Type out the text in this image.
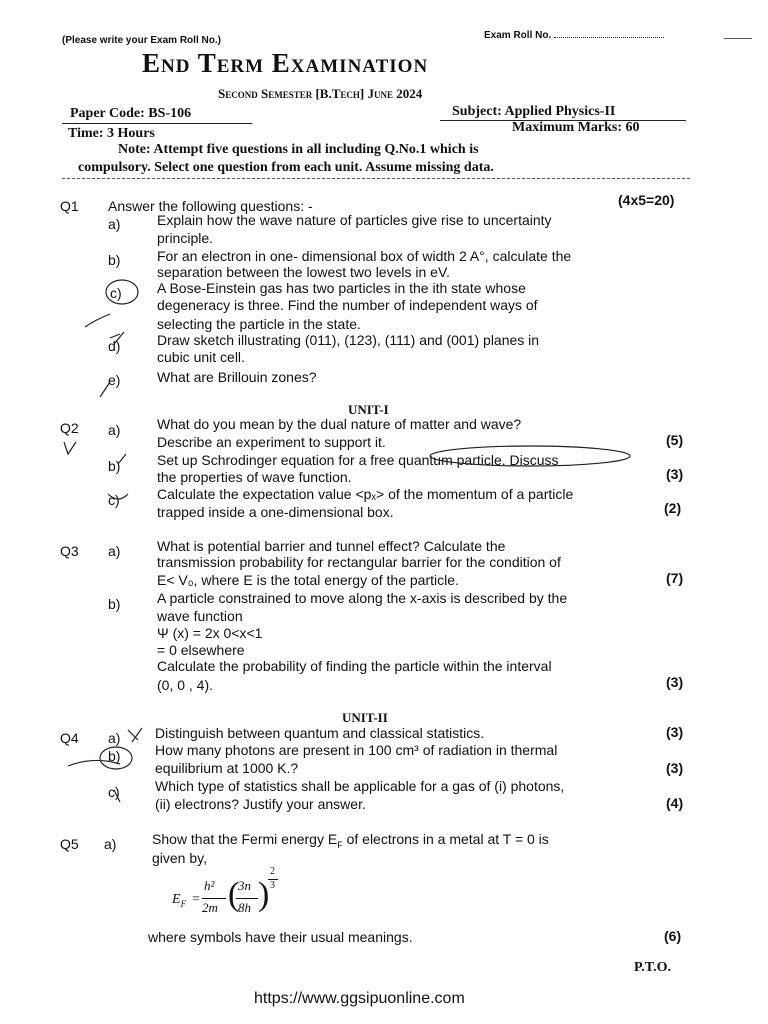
(Please write your Exam Roll No.)	Exam Roll No.
End Term Examination
Second Semester [B.Tech] June 2024
Paper Code: BS-106	Subject: Applied Physics-II
Time: 3 Hours	Maximum Marks: 60
Note: Attempt five questions in all including Q.No.1 which is
compulsory. Select one question from each unit. Assume missing data.
Q1 Answer the following questions: -	(4x5=20)
a)	Explain how the wave nature of particles give rise to uncertainty
principle.
b)	For an electron in one- dimensional box of width 2 A°, calculate the
separation between the lowest two levels in eV.
c)	A Bose-Einstein gas has two particles in the ith state whose
degeneracy is three. Find the number of independent ways of
selecting the particle in the state.
d)	Draw sketch illustrating (011), (123), (111) and (001) planes in
cubic unit cell.
e)	What are Brillouin zones?
UNIT-I
Q2 a)	What do you mean by the dual nature of matter and wave?
Describe an experiment to support it.	(5)
b)	Set up Schrodinger equation for a free quantum particle. Discuss
the properties of wave function.	(3)
c)	Calculate the expectation value <pₓ> of the momentum of a particle
trapped inside a one-dimensional box.	(2)
Q3 a)	What is potential barrier and tunnel effect? Calculate the
transmission probability for rectangular barrier for the condition of
E< V₀, where E is the total energy of the particle.	(7)
b)	A particle constrained to move along the x-axis is described by the
wave function
Ψ (x) = 2x 0<x<1
= 0 elsewhere
Calculate the probability of finding the particle within the interval
(0, 0 , 4).	(3)
UNIT-II
Q4 a) Distinguish between quantum and classical statistics.	(3)
b) How many photons are present in 100 cm³ of radiation in thermal
equilibrium at 1000 K.?	(3)
c)	Which type of statistics shall be applicable for a gas of (i) photons,
(ii) electrons? Justify your answer.	(4)
Q5 a)	Show that the Fermi energy $E_F$ of electrons in a metal at T = 0 is
given by,
$E_F$ =
h²
2m (
3n
8h )
2
3
where symbols have their usual meanings.	(6)
P.T.O.
https://www.ggsipuonline.com
